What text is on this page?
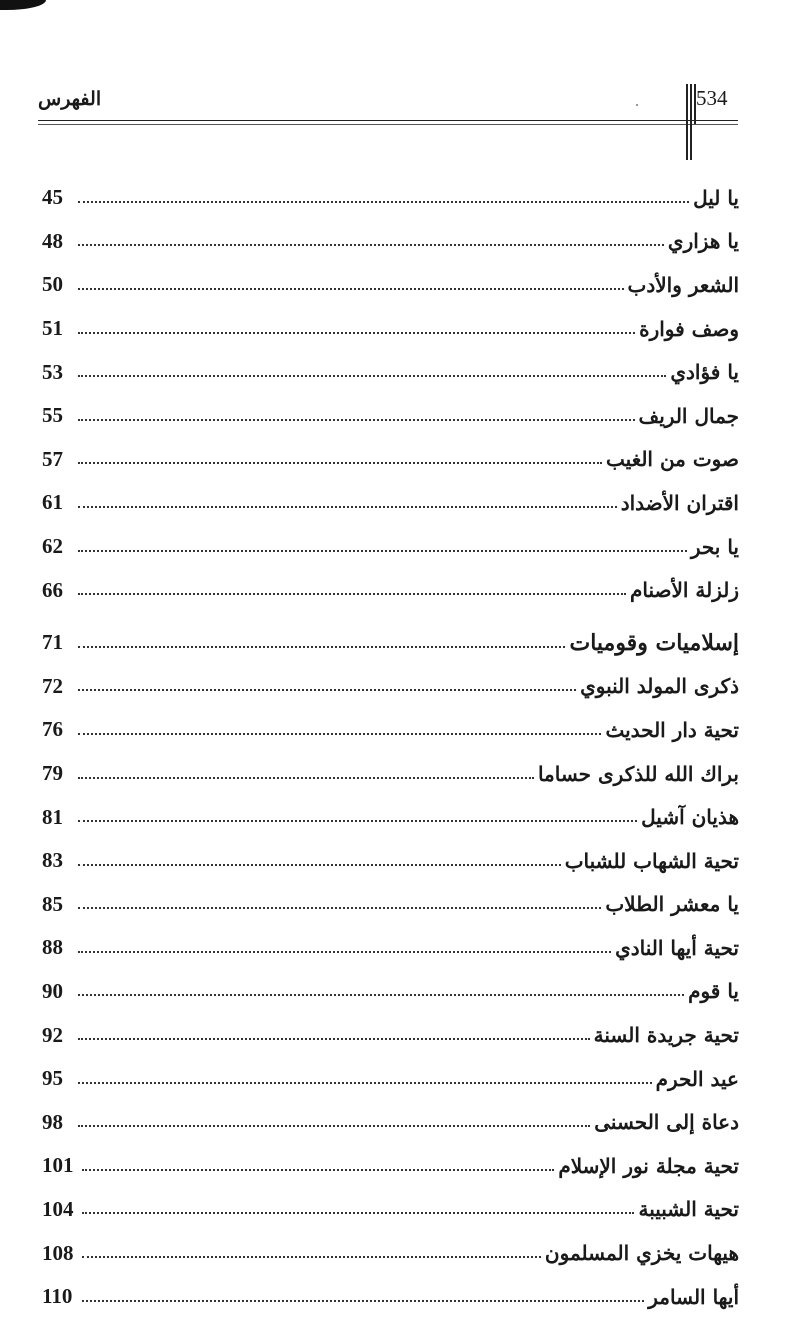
الفهرس	534
45	يا ليل
48	يا هزاري
50	الشعر والأدب
51	وصف فوارة
53	يا فؤادي
55	جمال الريف
57	صوت من الغيب
61	اقتران الأضداد
62	يا بحر
66	زلزلة الأصنام
71	إسلاميات وقوميات
72	ذكرى المولد النبوي
76	تحية دار الحديث
79	براك الله للذكرى حساما
81	هذيان آشيل
83	تحية الشهاب للشباب
85	يا معشر الطلاب
88	تحية أيها النادي
90	يا قوم
92	تحية جريدة السنة
95	عيد الحرم
98	دعاة إلى الحسنى
101	تحية مجلة نور الإسلام
104	تحية الشبيبة
108	هيهات يخزي المسلمون
110	أيها السامر
